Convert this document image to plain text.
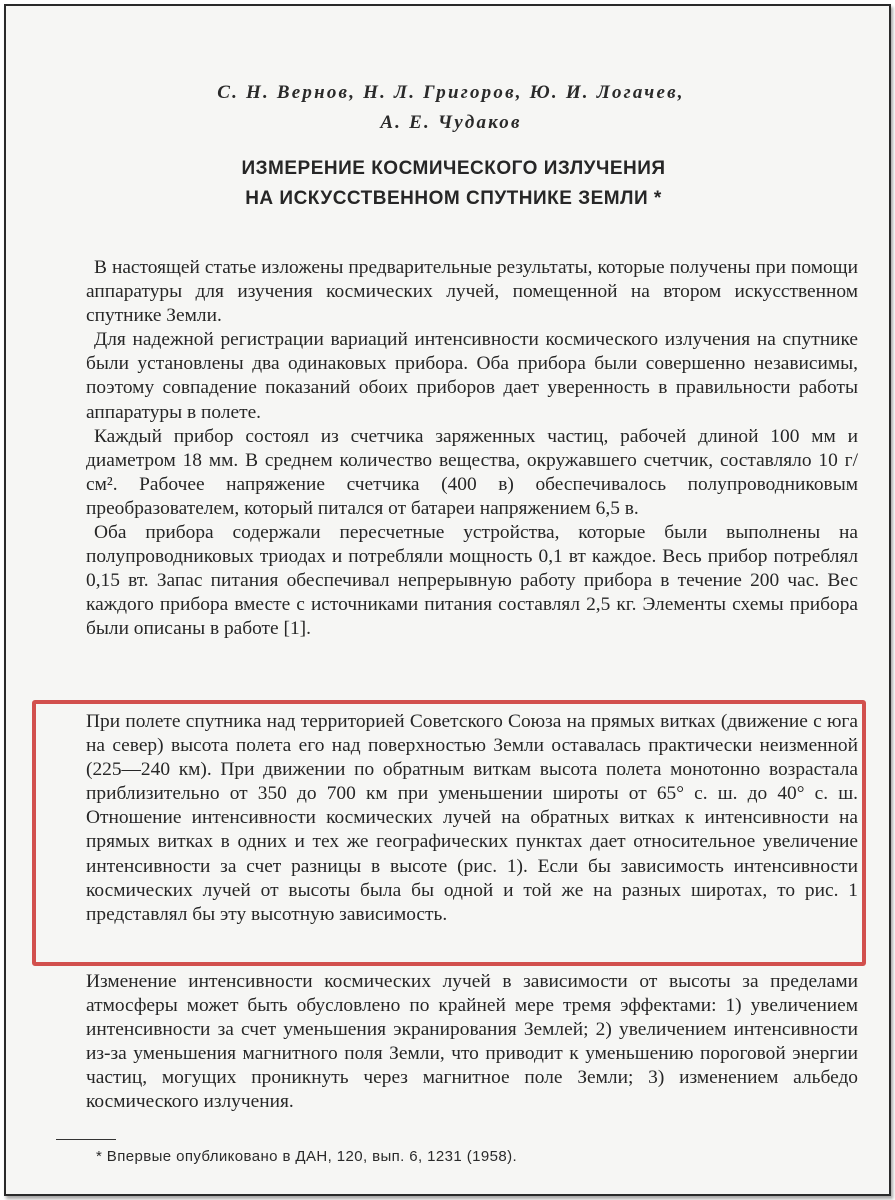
С. Н. Вернов, Н. Л. Григоров, Ю. И. Логачев,
А. Е. Чудаков
ИЗМЕРЕНИЕ КОСМИЧЕСКОГО ИЗЛУЧЕНИЯ
НА ИСКУССТВЕННОМ СПУТНИКЕ ЗЕМЛИ *

В настоящей статье изложены предварительные результаты, которые получены при помощи аппаратуры для изучения космических лучей, помещенной на втором искусственном спутнике Земли.

Для надежной регистрации вариаций интенсивности космического излучения на спутнике были установлены два одинаковых прибора. Оба прибора были совершенно независимы, поэтому совпадение показаний обоих приборов дает уверенность в правильности работы аппаратуры в полете.

Каждый прибор состоял из счетчика заряженных частиц, рабочей длиной 100 мм и диаметром 18 мм. В среднем количество вещества, окружавшего счетчик, составляло 10 г/см². Рабочее напряжение счетчика (400 в) обеспечивалось полупроводниковым преобразователем, который питался от батареи напряжением 6,5 в.

Оба прибора содержали пересчетные устройства, которые были выполнены на полупроводниковых триодах и потребляли мощность 0,1 вт каждое. Весь прибор потреблял 0,15 вт. Запас питания обеспечивал непрерывную работу прибора в течение 200 час. Вес каждого прибора вместе с источниками питания составлял 2,5 кг. Элементы схемы прибора были описаны в работе [1].

При полете спутника над территорией Советского Союза на прямых витках (движение с юга на север) высота полета его над поверхностью Земли оставалась практически неизменной (225—240 км). При движении по обратным виткам высота полета монотонно возрастала приблизительно от 350 до 700 км при уменьшении широты от 65° с. ш. до 40° с. ш. Отношение интенсивности космических лучей на обратных витках к интенсивности на прямых витках в одних и тех же географических пунктах дает относительное увеличение интенсивности за счет разницы в высоте (рис. 1). Если бы зависимость интенсивности космических лучей от высоты была бы одной и той же на разных широтах, то рис. 1 представлял бы эту высотную зависимость.

Изменение интенсивности космических лучей в зависимости от высоты за пределами атмосферы может быть обусловлено по крайней мере тремя эффектами: 1) увеличением интенсивности за счет уменьшения экранирования Землей; 2) увеличением интенсивности из-за уменьшения магнитного поля Земли, что приводит к уменьшению пороговой энергии частиц, могущих проникнуть через магнитное поле Земли; 3) изменением альбедо космического излучения.

* Впервые опубликовано в ДАН, 120, вып. 6, 1231 (1958).
